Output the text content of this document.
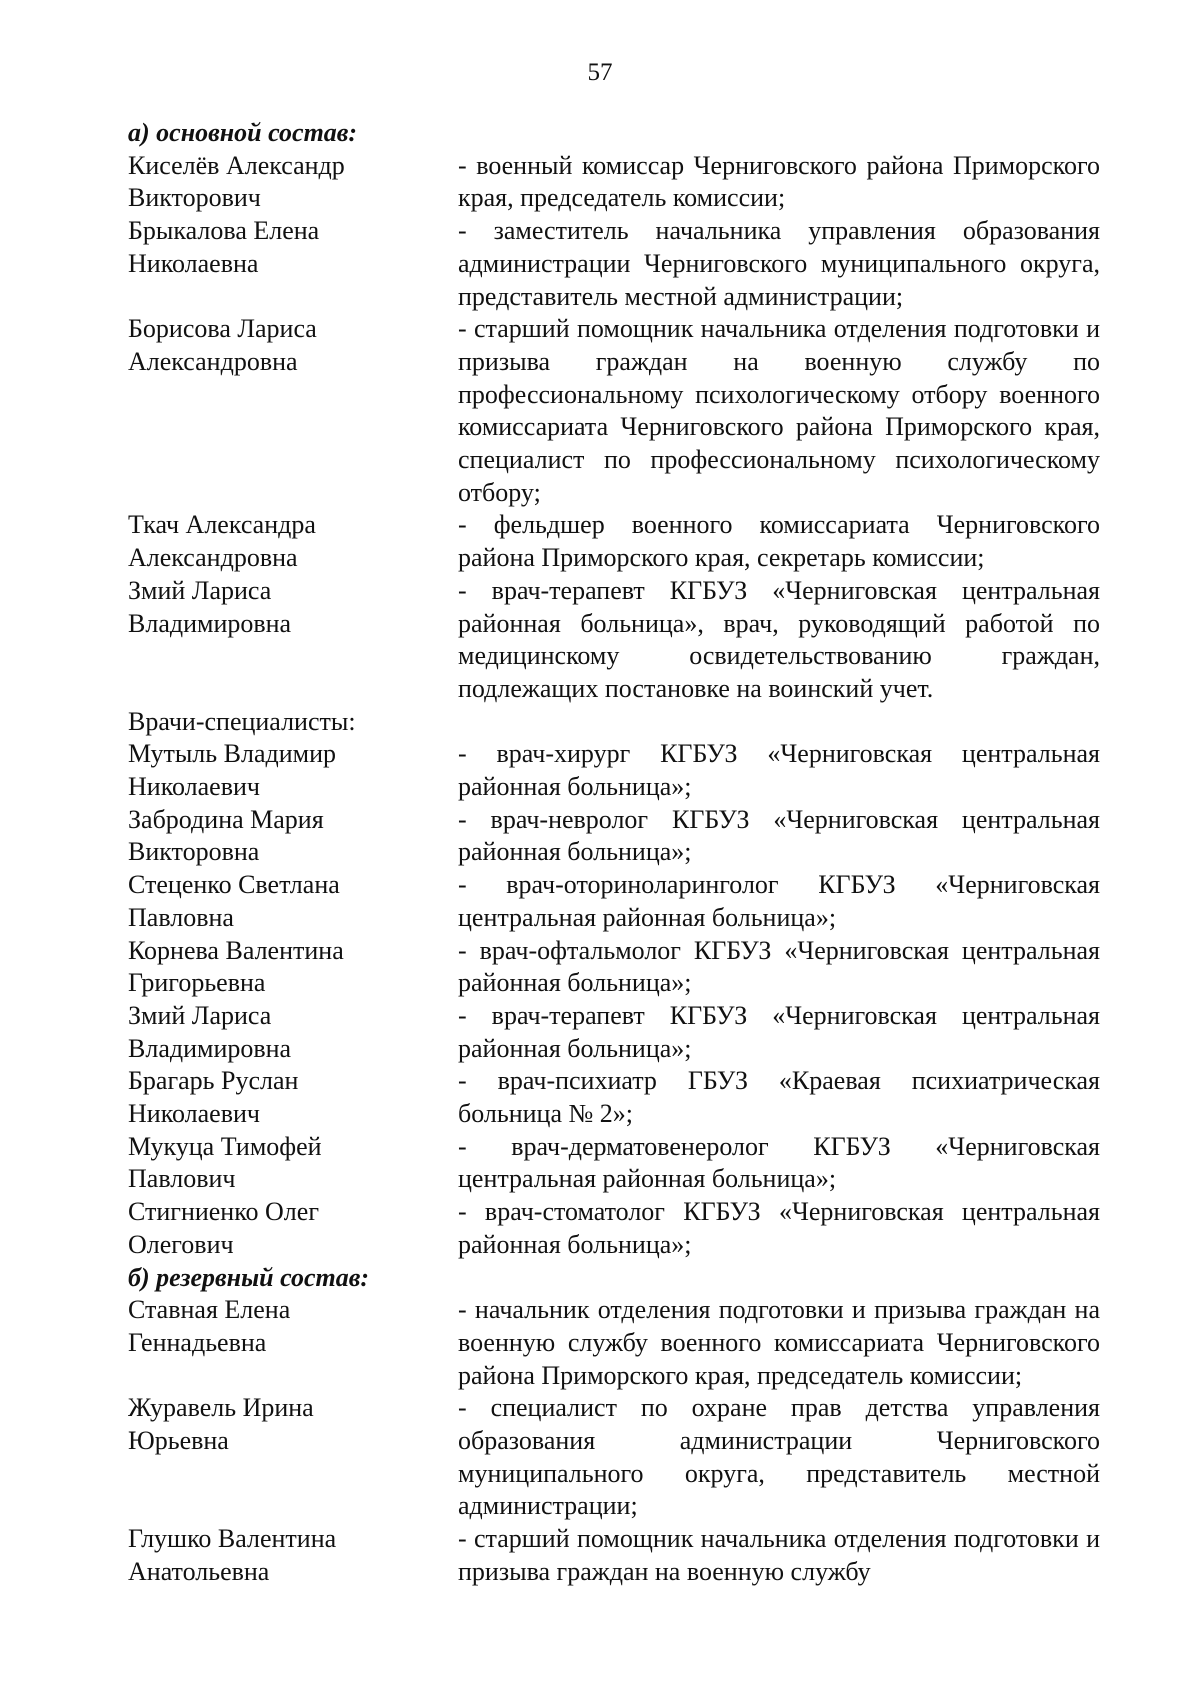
57
а) основной состав:
Киселёв Александр
Викторович
- военный комиссар Черниговского района Приморского края, председатель комиссии;
Брыкалова Елена
Николаевна
- заместитель начальника управления образования администрации Черниговского муниципального округа, представитель местной администрации;
Борисова Лариса
Александровна
- старший помощник начальника отделения подготовки и призыва граждан на военную службу по профессиональному психологическому отбору военного комиссариата Черниговского района Приморского края, специалист по профессиональному психологическому отбору;
Ткач Александра
Александровна
- фельдшер военного комиссариата Черниговского района Приморского края, секретарь комиссии;
Змий Лариса
Владимировна
- врач-терапевт КГБУЗ «Черниговская центральная районная больница», врач, руководящий работой по медицинскому освидетельствованию граждан, подлежащих постановке на воинский учет.
Врачи-специалисты:
Мутыль Владимир
Николаевич
- врач-хирург КГБУЗ «Черниговская центральная районная больница»;
Забродина Мария
Викторовна
- врач-невролог КГБУЗ «Черниговская центральная районная больница»;
Стеценко Светлана
Павловна
- врач-оториноларинголог КГБУЗ «Черниговская центральная районная больница»;
Корнева Валентина
Григорьевна
- врач-офтальмолог КГБУЗ «Черниговская центральная районная больница»;
Змий Лариса
Владимировна
- врач-терапевт КГБУЗ «Черниговская центральная районная больница»;
Брагарь Руслан
Николаевич
- врач-психиатр ГБУЗ «Краевая психиатрическая больница № 2»;
Мукуца Тимофей
Павлович
- врач-дерматовенеролог КГБУЗ «Черниговская центральная районная больница»;
Стигниенко Олег
Олегович
- врач-стоматолог КГБУЗ «Черниговская центральная районная больница»;
б) резервный состав:
Ставная Елена
Геннадьевна
- начальник отделения подготовки и призыва граждан на военную службу военного комиссариата Черниговского района Приморского края, председатель комиссии;
Журавель Ирина
Юрьевна
- специалист по охране прав детства управления образования администрации Черниговского муниципального округа, представитель местной администрации;
Глушко Валентина
Анатольевна
- старший помощник начальника отделения подготовки и призыва граждан на военную службу
